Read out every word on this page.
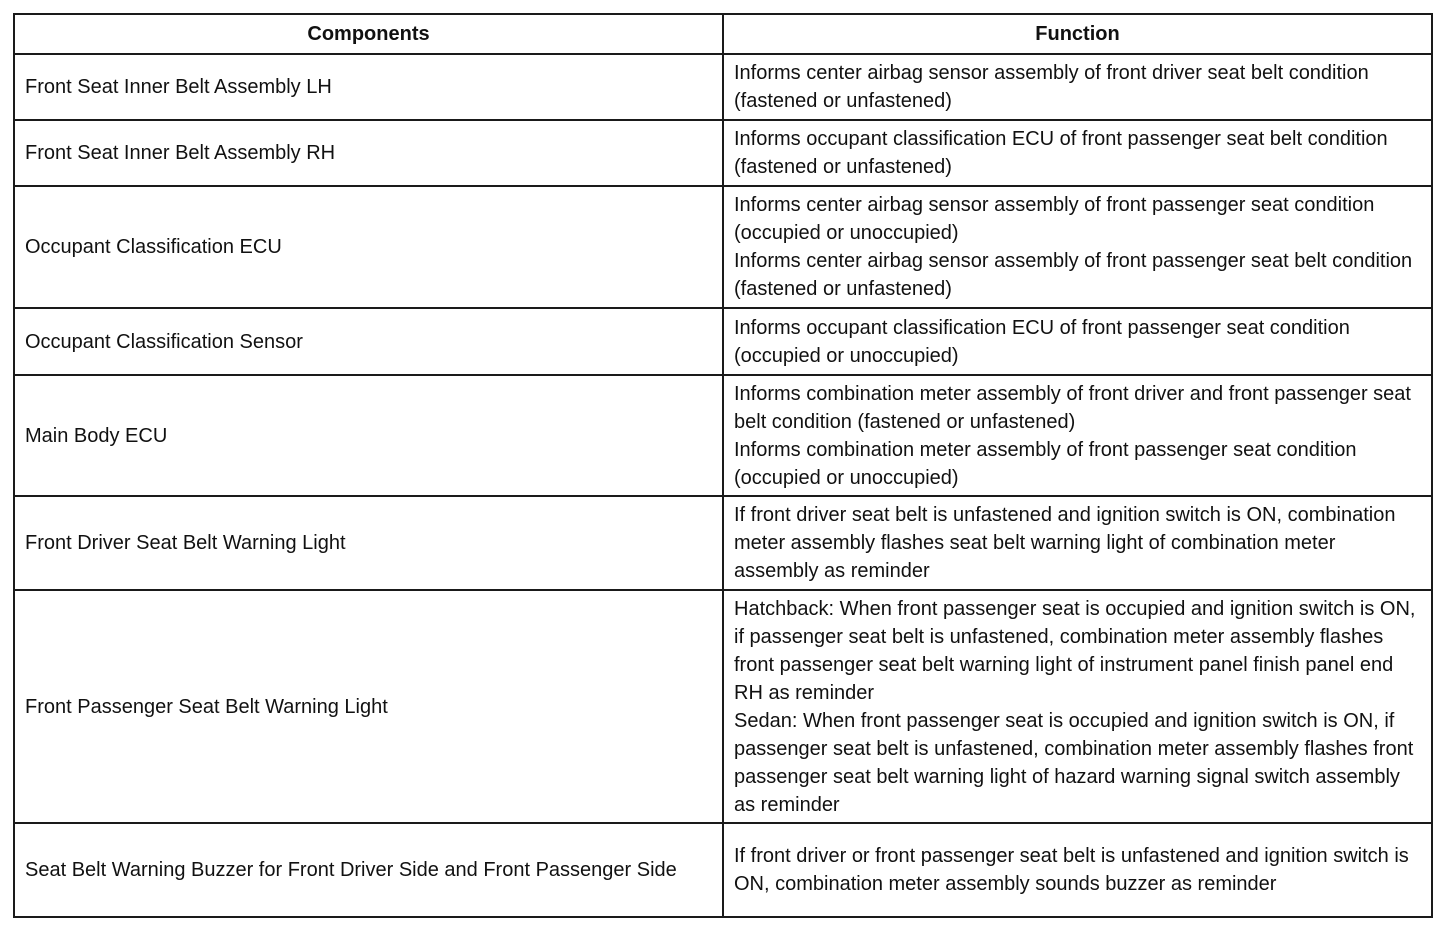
Components	Function
Front Seat Inner Belt Assembly LH	Informs center airbag sensor assembly of front driver seat belt condition (fastened or unfastened)

Front Seat Inner Belt Assembly RH	Informs occupant classification ECU of front passenger seat belt condition (fastened or unfastened)

Occupant Classification ECU	Informs center airbag sensor assembly of front passenger seat condition (occupied or unoccupied)
Informs center airbag sensor assembly of front passenger seat belt condition (fastened or unfastened)

Occupant Classification Sensor	Informs occupant classification ECU of front passenger seat condition (occupied or unoccupied)

Main Body ECU	Informs combination meter assembly of front driver and front passenger seat belt condition (fastened or unfastened)
Informs combination meter assembly of front passenger seat condition (occupied or unoccupied)

Front Driver Seat Belt Warning Light	If front driver seat belt is unfastened and ignition switch is ON, combination meter assembly flashes seat belt warning light of combination meter assembly as reminder

Front Passenger Seat Belt Warning Light	Hatchback: When front passenger seat is occupied and ignition switch is ON, if passenger seat belt is unfastened, combination meter assembly flashes front passenger seat belt warning light of instrument panel finish panel end RH as reminder
Sedan: When front passenger seat is occupied and ignition switch is ON, if passenger seat belt is unfastened, combination meter assembly flashes front passenger seat belt warning light of hazard warning signal switch assembly as reminder

Seat Belt Warning Buzzer for Front Driver Side and Front Passenger Side	If front driver or front passenger seat belt is unfastened and ignition switch is ON, combination meter assembly sounds buzzer as reminder
